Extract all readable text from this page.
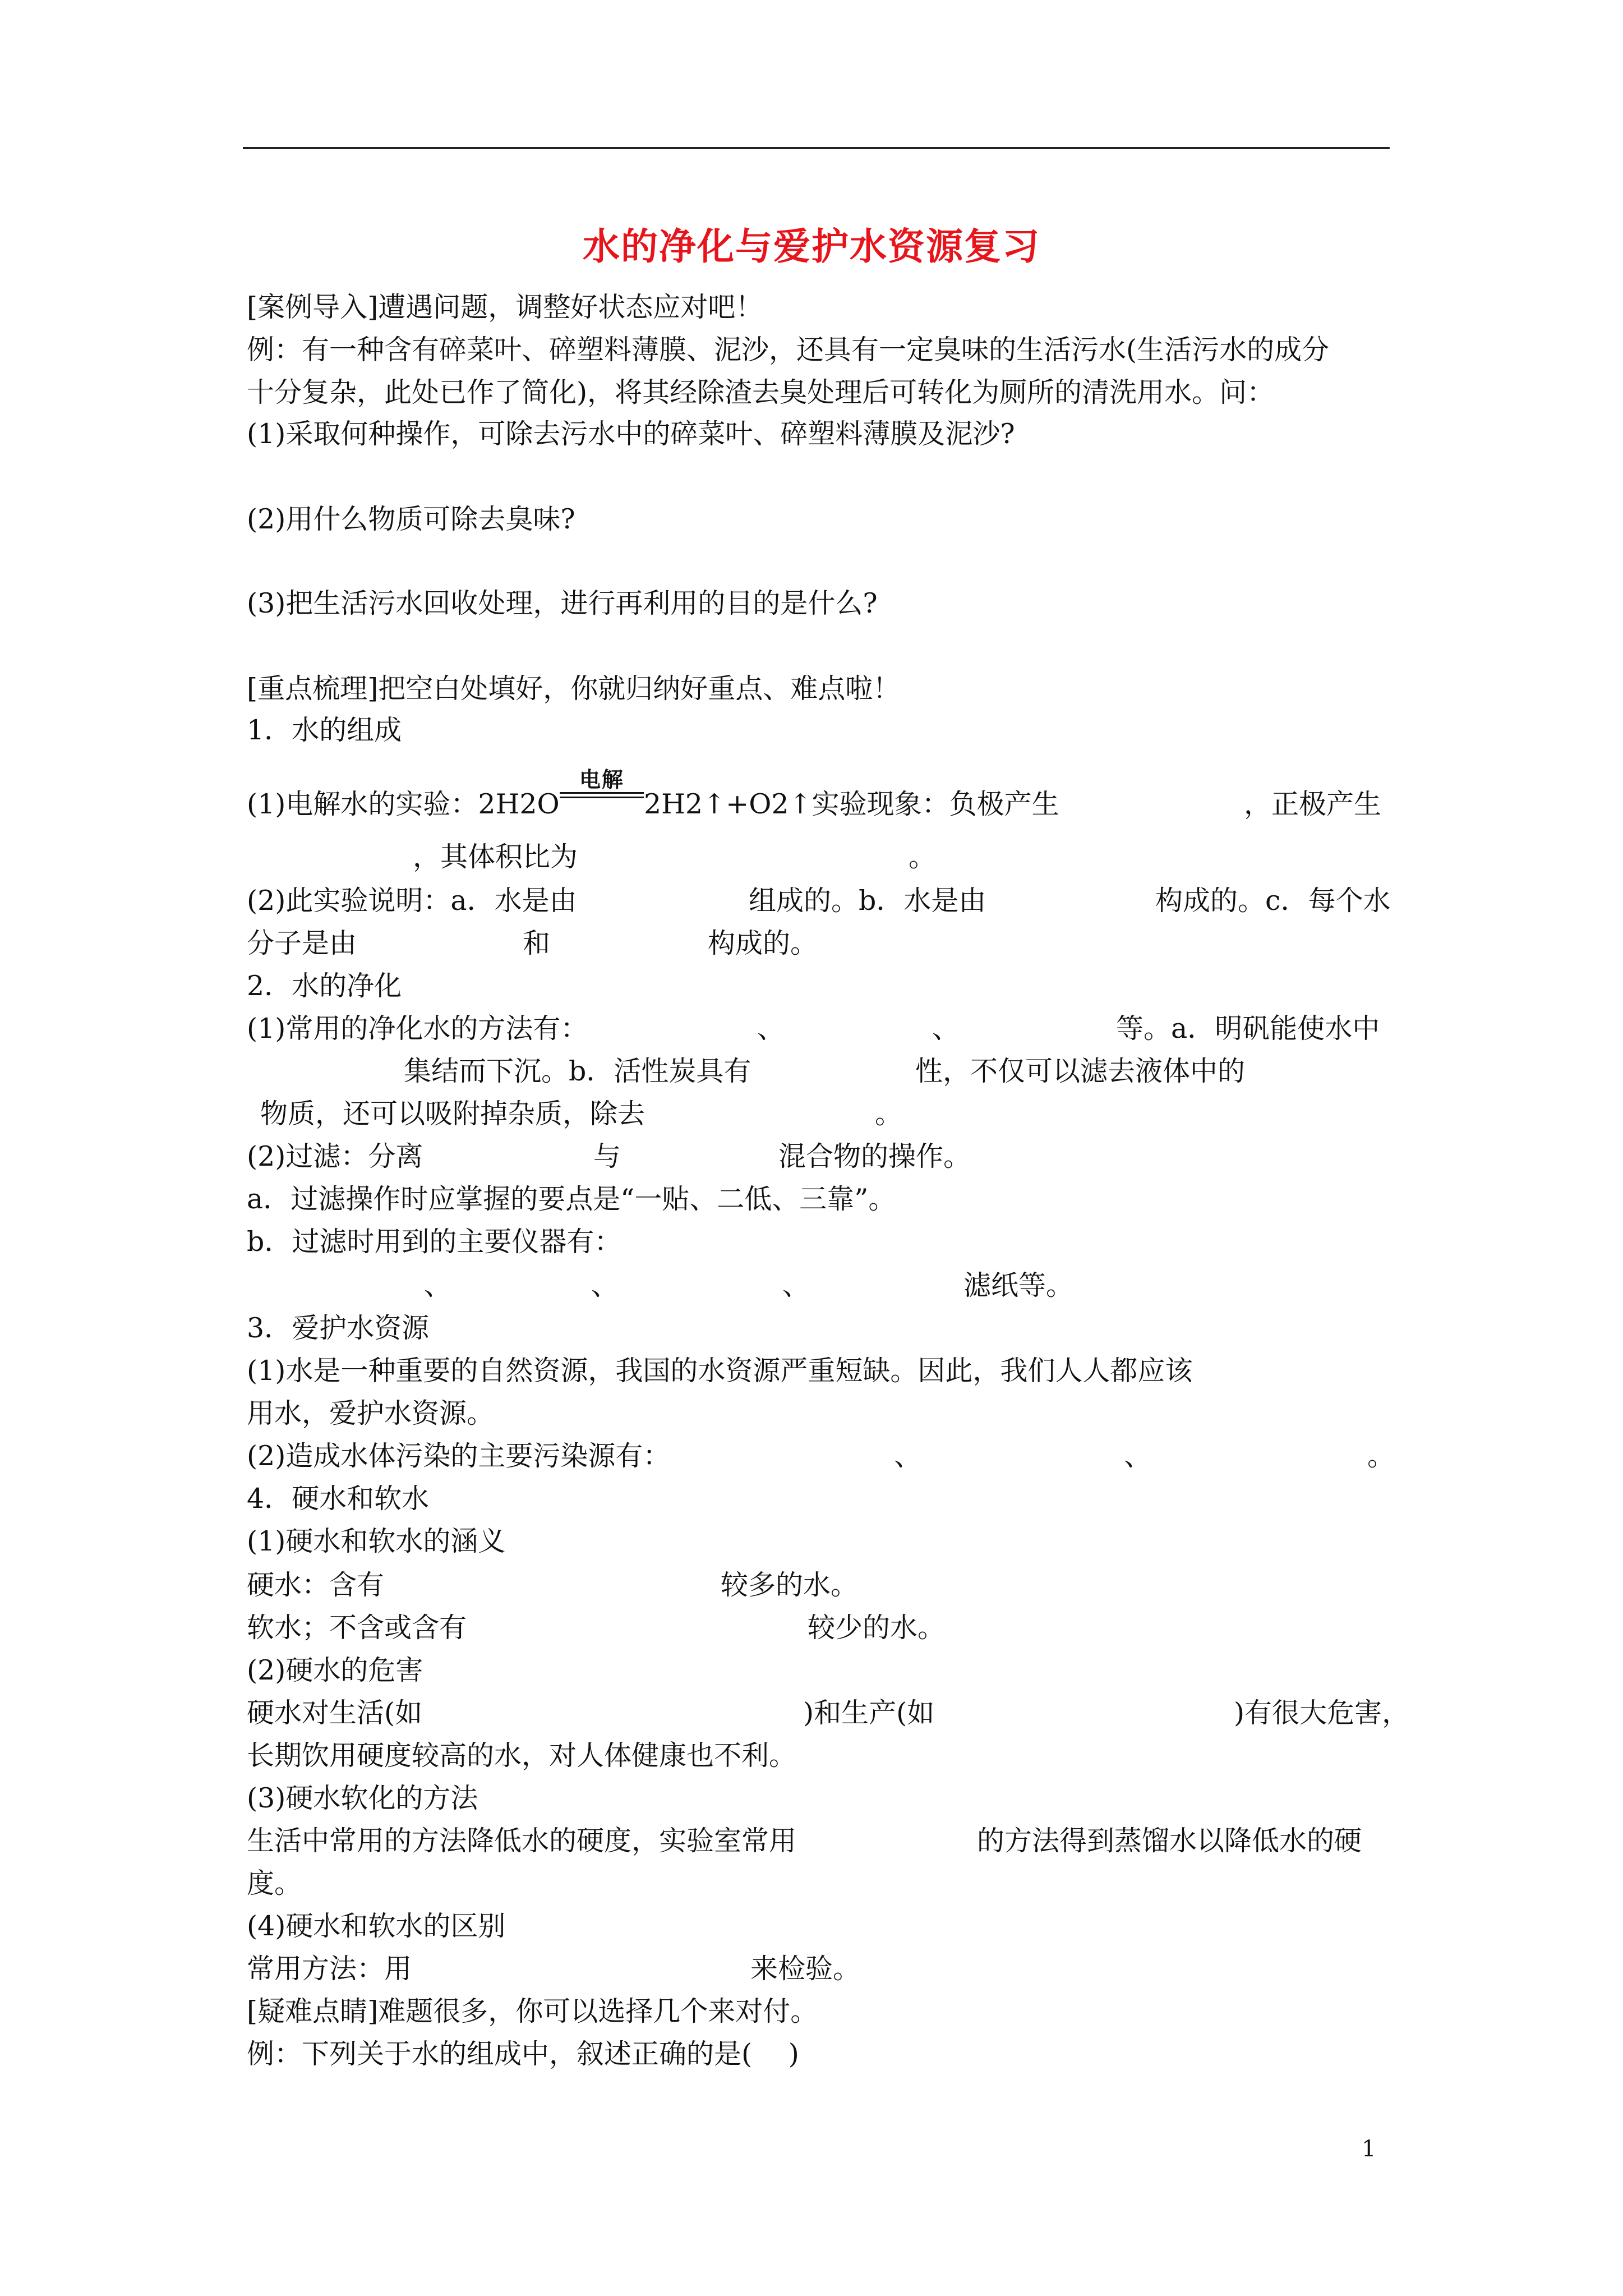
水的净化与爱护水资源复习
[案例导入]遭遇问题，调整好状态应对吧！
例：有一种含有碎菜叶、碎塑料薄膜、泥沙，还具有一定臭味的生活污水(生活污水的成分
十分复杂，此处已作了简化)，将其经除渣去臭处理后可转化为厕所的清洗用水。问：
(1)采取何种操作，可除去污水中的碎菜叶、碎塑料薄膜及泥沙?
(2)用什么物质可除去臭味?
(3)把生活污水回收处理，进行再利用的目的是什么?
[重点梳理]把空白处填好，你就归纳好重点、难点啦！
1．水的组成
(1)电解水的实验：2H2O
电解
2H2↑+O2↑实验现象：负极产生	，正极产生
，其体积比为	。
(2)此实验说明：a．水是由	组成的。b．水是由	构成的。c．每个水
分子是由	和	构成的。
2．水的净化
(1)常用的净化水的方法有：	、	、	等。a．明矾能使水中
集结而下沉。b．活性炭具有	性，不仅可以滤去液体中的
物质，还可以吸附掉杂质，除去	。
(2)过滤：分离	与	混合物的操作。
a．过滤操作时应掌握的要点是“一贴、二低、三靠”。
b．过滤时用到的主要仪器有：
、	、	、	滤纸等。
3．爱护水资源
(1)水是一种重要的自然资源，我国的水资源严重短缺。因此，我们人人都应该
用水，爱护水资源。
(2)造成水体污染的主要污染源有：	、	、	。
4．硬水和软水
(1)硬水和软水的涵义
硬水：含有	较多的水。
软水；不含或含有	较少的水。
(2)硬水的危害
硬水对生活(如	)和生产(如	)有很大危害，
长期饮用硬度较高的水，对人体健康也不利。
(3)硬水软化的方法
生活中常用的方法降低水的硬度，实验室常用	的方法得到蒸馏水以降低水的硬
度。
(4)硬水和软水的区别
常用方法：用	来检验。
[疑难点睛]难题很多，你可以选择几个来对付。
例：下列关于水的组成中，叙述正确的是(　 )
1
